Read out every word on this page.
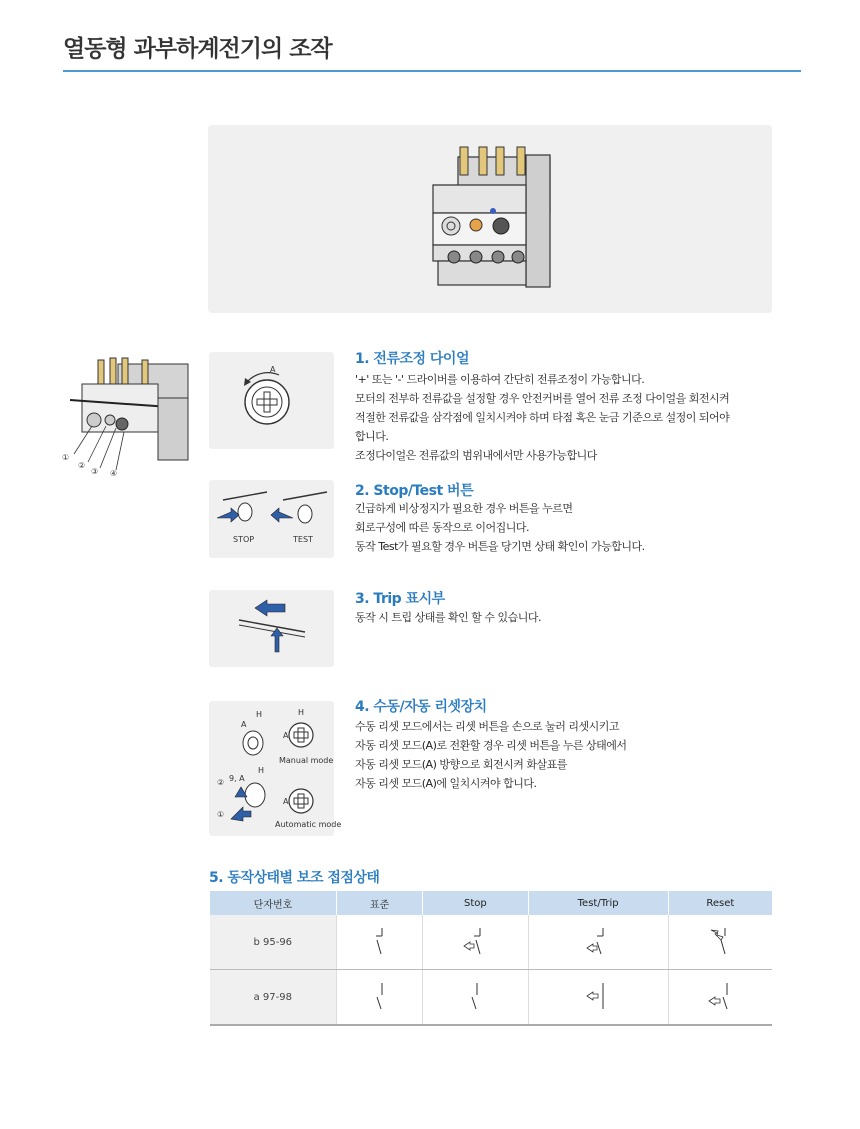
열동형 과부하계전기의 조작
①
②
③ ④
A
1. 전류조정 다이얼
'+' 또는 '-' 드라이버를 이용하여 간단히 전류조정이 가능합니다.
모터의 전부하 전류값을 설정할 경우 안전커버를 열어 전류 조정 다이얼을 회전시켜
적절한 전류값을 삼각점에 일치시켜야 하며 타점 혹은 눈금 기준으로 설정이 되어야
합니다.
조정다이얼은 전류값의 범위내에서만 사용가능합니다
STOP	TEST
2. Stop/Test 버튼
긴급하게 비상정지가 필요한 경우 버튼을 누르면
회로구성에 따른 동작으로 이어집니다.
동작 Test가 필요할 경우 버튼을 당기면 상태 확인이 가능합니다.
3. Trip 표시부
동작 시 트립 상태를 확인 할 수 있습니다.
H
A
H
A
Manual mode
② 9, A
H
A
①
Automatic mode
4. 수동/자동 리셋장치
수동 리셋 모드에서는 리셋 버튼을 손으로 눌러 리셋시키고
자동 리셋 모드(A)로 전환할 경우 리셋 버튼을 누른 상태에서
자동 리셋 모드(A) 방향으로 회전시켜 화살표를
자동 리셋 모드(A)에 일치시켜야 합니다.
5. 동작상태별 보조 접점상태
단자번호	표준	Stop	Test/Trip	Reset
b 95-96				
a 97-98				
